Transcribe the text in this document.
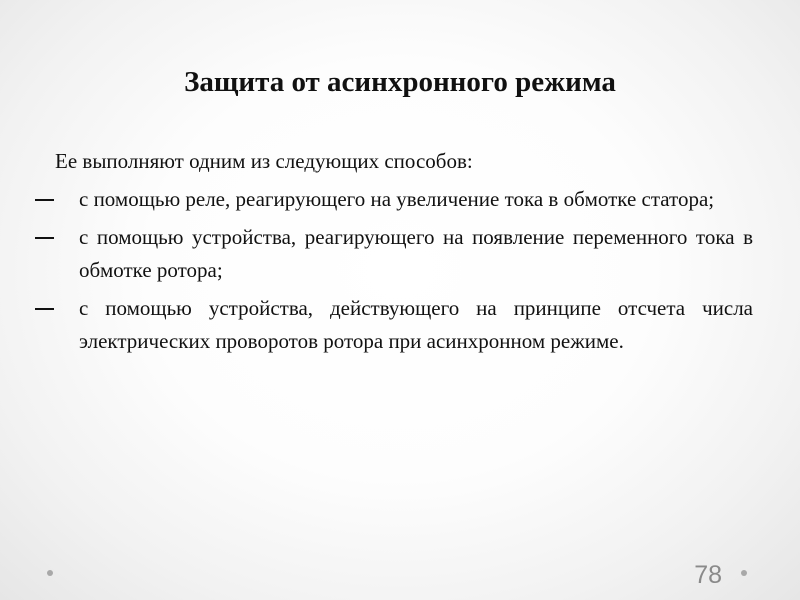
Защита от асинхронного режима

Ее выполняют одним из следующих способов:

с помощью реле, реагирующего на увеличение тока в обмотке статора;
с помощью устройства, реагирующего на появление переменного тока в обмотке ротора;
с помощью устройства, действующего на принципе отсчета числа электрических проворотов ротора при асинхронном режиме.
78
